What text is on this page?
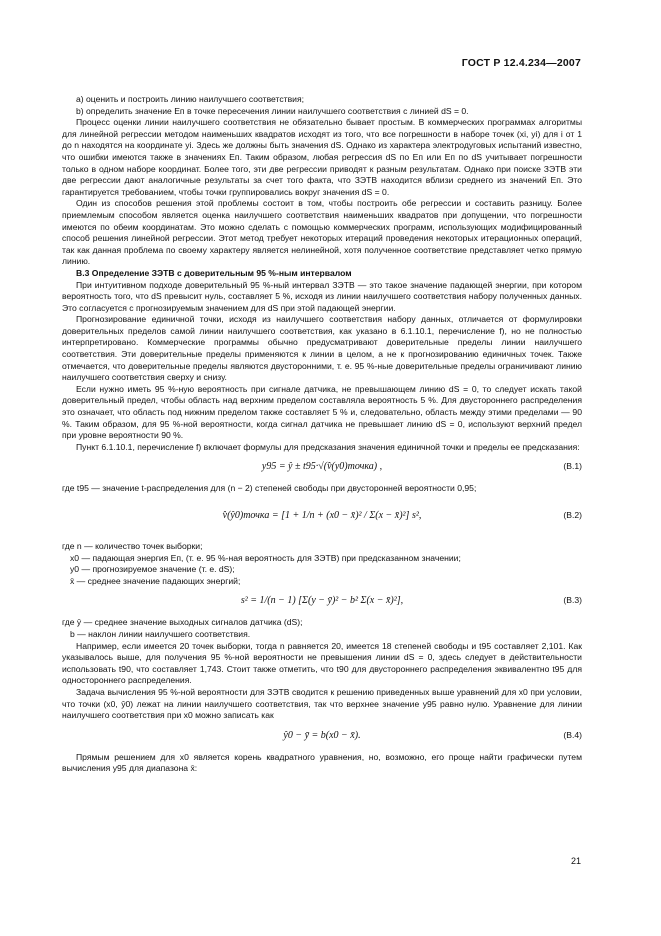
ГОСТ Р 12.4.234—2007

а) оценить и построить линию наилучшего соответствия;

b) определить значение Eп в точке пересечения линии наилучшего соответствия с линией dS = 0.

Процесс оценки линии наилучшего соответствия не обязательно бывает простым. В коммерческих программах алгоритмы для линейной регрессии методом наименьших квадратов исходят из того, что все погрешности в наборе точек (xi, yi) для i от 1 до n находятся на координате yi. Здесь же должны быть значения dS. Однако из характера электродуговых испытаний известно, что ошибки имеются также в значениях Eп. Таким образом, любая регрессия dS по Eп или Eп по dS учитывает погрешности только в одном наборе координат. Более того, эти две регрессии приводят к разным результатам. Однако при поиске ЗЭТВ эти две регрессии дают аналогичные результаты за счет того факта, что ЗЭТВ находится вблизи среднего из значений Eп. Это гарантируется требованием, чтобы точки группировались вокруг значения dS = 0.

Один из способов решения этой проблемы состоит в том, чтобы построить обе регрессии и составить разницу. Более приемлемым способом является оценка наилучшего соответствия наименьших квадратов при допущении, что погрешности имеются по обеим координатам. Это можно сделать с помощью коммерческих программ, использующих модифицированный способ решения линейной регрессии. Этот метод требует некоторых итераций проведения некоторых итерационных операций, так как данная проблема по своему характеру является нелинейной, хотя полученное соответствие представляет четко прямую линию.

В.3 Определение ЗЭТВ с доверительным 95 %-ным интервалом

При интуитивном подходе доверительный 95 %-ный интервал ЗЭТВ — это такое значение падающей энергии, при котором вероятность того, что dS превысит нуль, составляет 5 %, исходя из линии наилучшего соответствия набору полученных данных. Это согласуется с прогнозируемым значением для dS при этой падающей энергии.

Прогнозирование единичной точки, исходя из наилучшего соответствия набору данных, отличается от формулировки доверительных пределов самой линии наилучшего соответствия, как указано в 6.1.10.1, перечисление f), но не полностью интерпретировано. Коммерческие программы обычно предусматривают доверительные пределы линии наилучшего соответствия. Эти доверительные пределы применяются к линии в целом, а не к прогнозированию единичных точек. Также отмечается, что доверительные пределы являются двусторонними, т. е. 95 %-ные доверительные пределы ограничивают линию наилучшего соответствия сверху и снизу.

Если нужно иметь 95 %-ную вероятность при сигнале датчика, не превышающем линию dS = 0, то следует искать такой доверительный предел, чтобы область над верхним пределом составляла вероятность 5 %. Для двустороннего распределения это означает, что область под нижним пределом также составляет 5 % и, следовательно, область между этими пределами — 90 %. Таким образом, для 95 %-ной вероятности, когда сигнал датчика не превышает линию dS = 0, используют верхний предел при уровне вероятности 90 %.

Пункт 6.1.10.1, перечисление f) включает формулы для предсказания значения единичной точки и пределы ее предсказания:

y95 = ŷ ± t95·√(v̂(y0)точка) ,	(В.1)

где t95 — значение t-распределения для (n − 2) степеней свободы при двусторонней вероятности 0,95;

v̂(ŷ0)точка = [1 + 1/n + (x0 − x̄)² / Σ(x − x̄)²] s²,	(В.2)

где n — количество точек выборки;

x0 — падающая энергия Eп, (т. е. 95 %-ная вероятность для ЗЭТВ) при предсказанном значении;

y0 — прогнозируемое значение (т. е. dS);

x̄ — среднее значение падающих энергий;

s² = 1/(n − 1) [Σ(y − ȳ)² − b² Σ(x − x̄)²],	(В.3)

где ȳ — среднее значение выходных сигналов датчика (dS);

b — наклон линии наилучшего соответствия.

Например, если имеется 20 точек выборки, тогда n равняется 20, имеется 18 степеней свободы и t95 составляет 2,101. Как указывалось выше, для получения 95 %-ной вероятности не превышения линии dS = 0, здесь следует в действительности использовать t90, что составляет 1,743. Стоит также отметить, что t90 для двустороннего распределения эквивалентно t95 для одностороннего распределения.

Задача вычисления 95 %-ной вероятности для ЗЭТВ сводится к решению приведенных выше уравнений для x0 при условии, что точки (x0, ŷ0) лежат на линии наилучшего соответствия, так что верхнее значение y95 равно нулю. Уравнение для линии наилучшего соответствия при x0 можно записать как

ŷ0 − ȳ = b(x0 − x̄).	(В.4)

Прямым решением для x0 является корень квадратного уравнения, но, возможно, его проще найти графически путем вычисления y95 для диапазона x̄:

21
